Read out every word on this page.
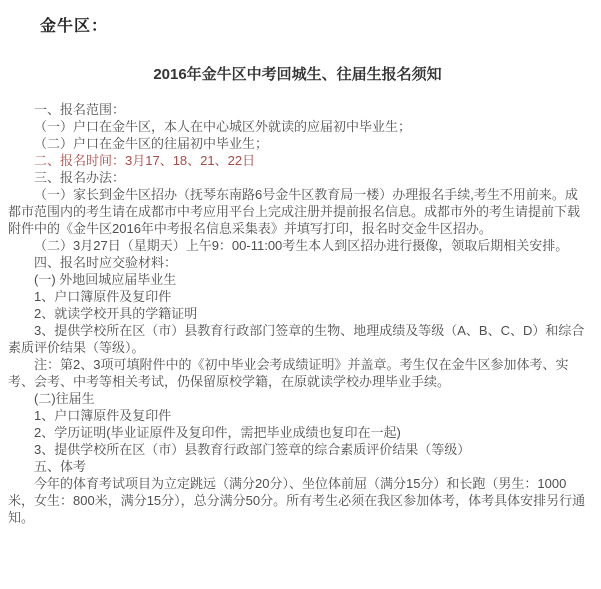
金牛区：
2016年金牛区中考回城生、往届生报名须知

一、报名范围：

（一）户口在金牛区，本人在中心城区外就读的应届初中毕业生；

（二）户口在金牛区的往届初中毕业生；

二、报名时间：3月17、18、21、22日

三、报名办法：

（一）家长到金牛区招办（抚琴东南路6号金牛区教育局一楼）办理报名手续,考生不用前来。成都市范围内的考生请在成都市中考应用平台上完成注册并提前报名信息。成都市外的考生请提前下载附件中的《金牛区2016年中考报名信息采集表》并填写打印，报名时交金牛区招办。

（二）3月27日（星期天）上午9：00-11:00考生本人到区招办进行摄像，领取后期相关安排。

四、报名时应交验材料：

(一) 外地回城应届毕业生

1、户口簿原件及复印件

2、就读学校开具的学籍证明

3、提供学校所在区（市）县教育行政部门签章的生物、地理成绩及等级（A、B、C、D）和综合素质评价结果（等级）。

注：第2、3项可填附件中的《初中毕业会考成绩证明》并盖章。考生仅在金牛区参加体考、实考、会考、中考等相关考试，仍保留原校学籍，在原就读学校办理毕业手续。

(二)往届生

1、户口簿原件及复印件

2、学历证明(毕业证原件及复印件，需把毕业成绩也复印在一起)

3、提供学校所在区（市）县教育行政部门签章的综合素质评价结果（等级）

五、体考

今年的体育考试项目为立定跳远（满分20分）、坐位体前屈（满分15分）和长跑（男生：1000米，女生：800米，满分15分），总分满分50分。所有考生必须在我区参加体考，体考具体安排另行通知。
